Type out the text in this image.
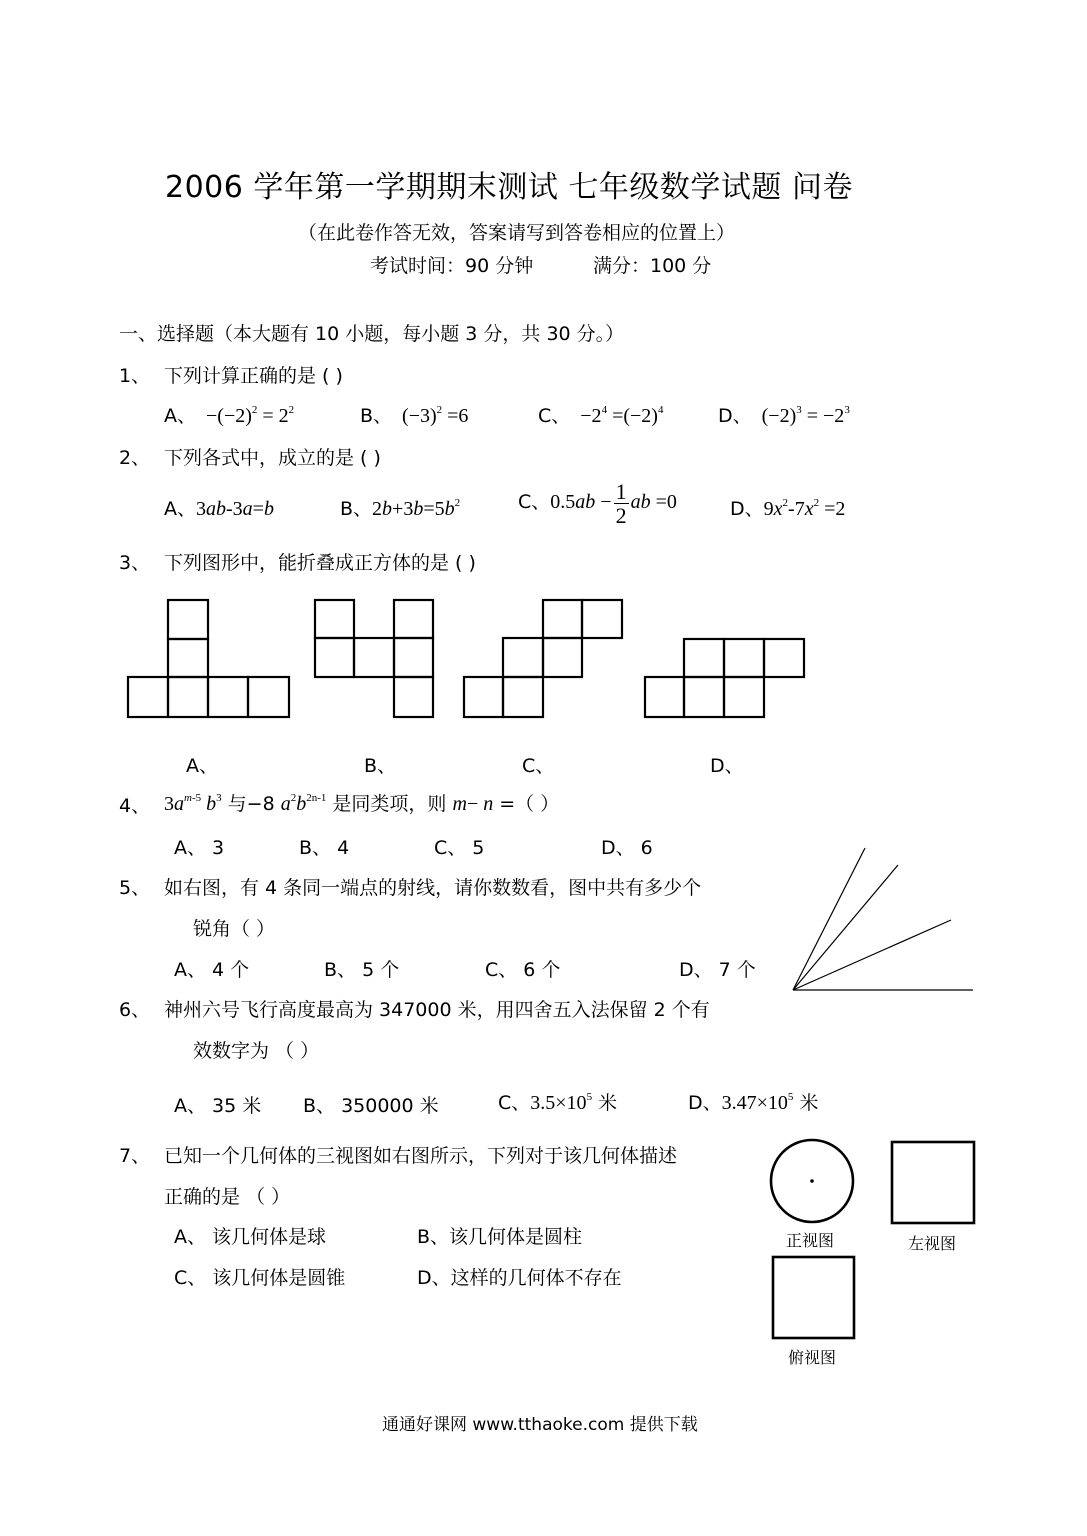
2006 学年第一学期期末测试 七年级数学试题 问卷
（在此卷作答无效，答案请写到答卷相应的位置上）
考试时间：90 分钟	满分：100 分
一、选择题（本大题有 10 小题，每小题 3 分，共 30 分。）
1、 下列计算正确的是 ( )
A、  $-(-2)^2 = 2^2$	B、  $(-3)^2 =6$	C、  $-2^4 =(-2)^4$	D、  $(-2)^3 = -2^3$
2、 下列各式中，成立的是 ( )
A、3ab-3a=b	B、$2b+3b=5b^2$	C、$0.5ab - \frac{1}{2}$ ab =0	D、$9x^2-7x^2 =2$
3、 下列图形中，能折叠成正方体的是 ( )
A、	B、	C、	D、
4、 $3a^{m-5}$ $b^3$ 与−8 $a^2b^{2n-1}$ 是同类项，则 m− n =（ ）
A、 3	B、 4	C、 5	D、 6
5、 如右图，有 4 条同一端点的射线，请你数数看，图中共有多少个
锐角（ ）
A、 4 个	B、 5 个	C、 6 个	D、 7 个
6、 神州六号飞行高度最高为 347000 米，用四舍五入法保留 2 个有
效数字为 （ ）
A、 35 米 B、 350000 米	C、$3.5\times 10^5$ 米	D、$3.47\times 10^5$ 米
7、 已知一个几何体的三视图如右图所示，下列对于该几何体描述
正确的是 （ ）
A、 该几何体是球	B、该几何体是圆柱
C、 该几何体是圆锥	D、这样的几何体不存在
正视图	左视图
俯视图
通通好课网 www.tthaoke.com 提供下载
